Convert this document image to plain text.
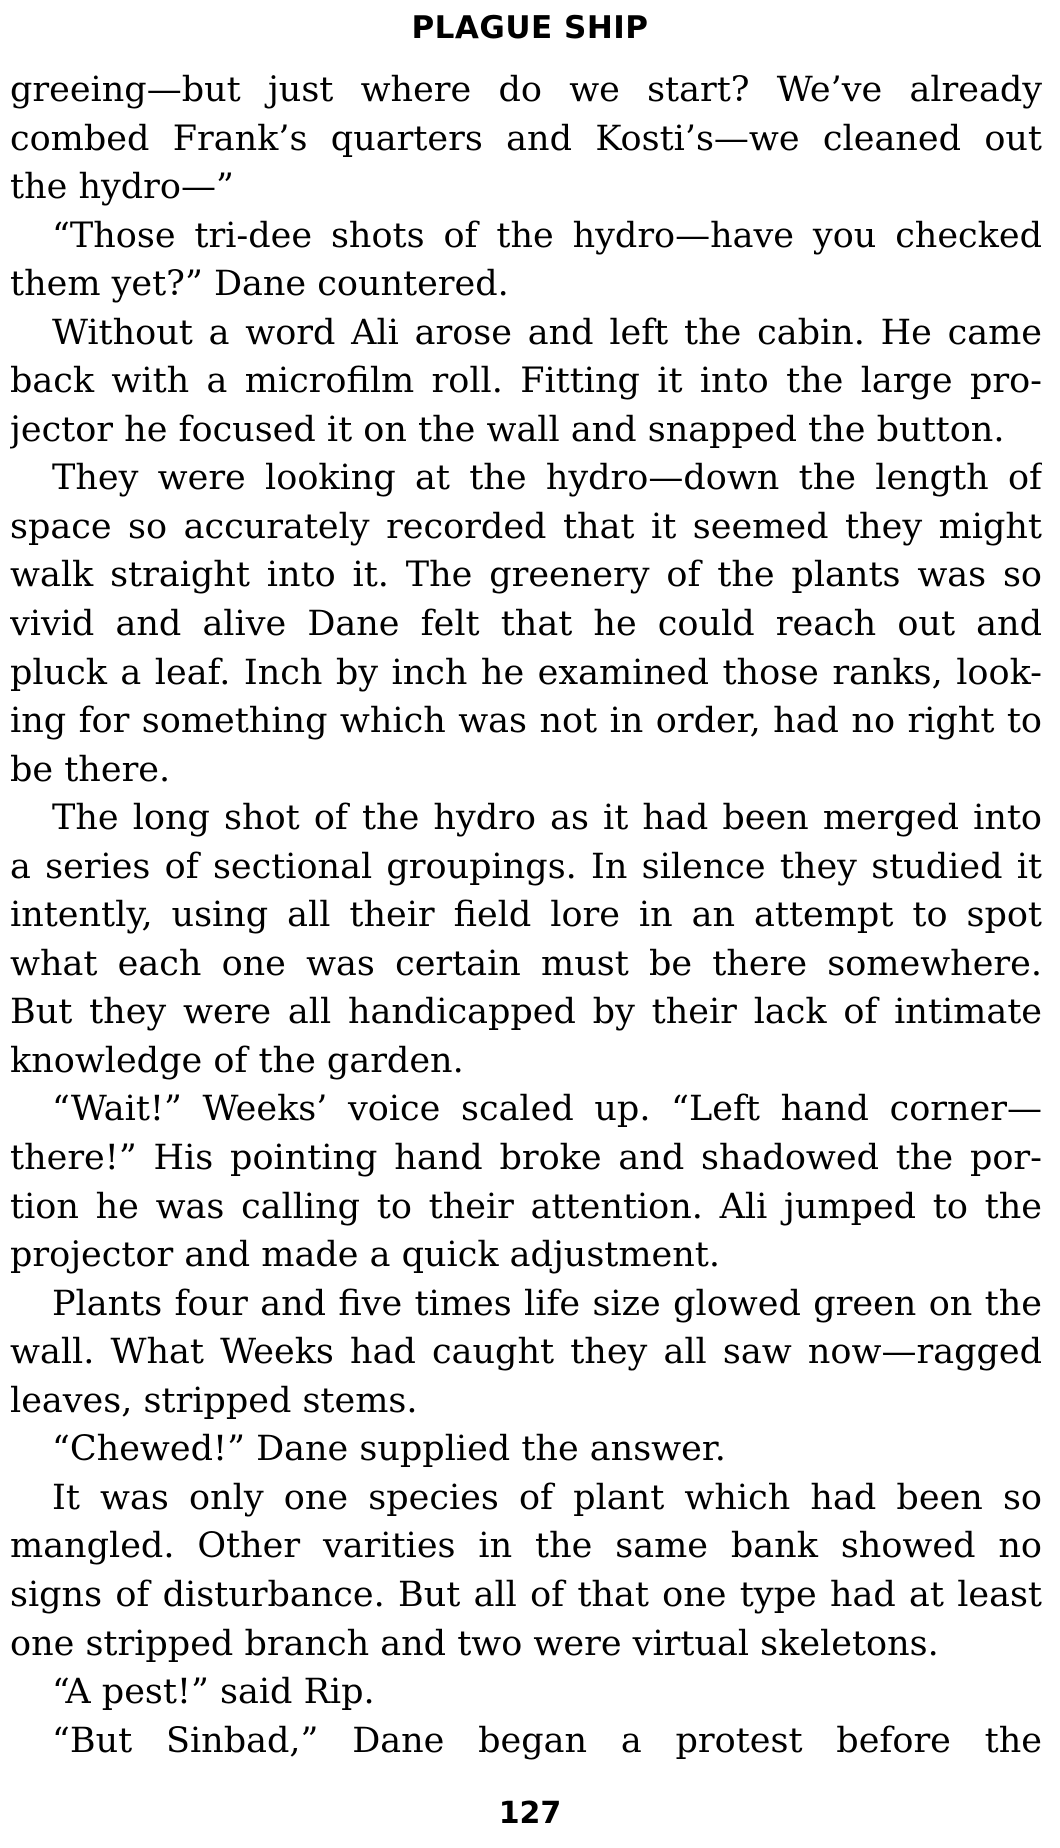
PLAGUE SHIP
greeing—but just where do we start? We’ve already
combed Frank’s quarters and Kosti’s—we cleaned out
the hydro—”
“Those tri-dee shots of the hydro—have you checked
them yet?” Dane countered.
Without a word Ali arose and left the cabin. He came
back with a microfilm roll. Fitting it into the large pro-
jector he focused it on the wall and snapped the button.
They were looking at the hydro—down the length of
space so accurately recorded that it seemed they might
walk straight into it. The greenery of the plants was so
vivid and alive Dane felt that he could reach out and
pluck a leaf. Inch by inch he examined those ranks, look-
ing for something which was not in order, had no right to
be there.
The long shot of the hydro as it had been merged into
a series of sectional groupings. In silence they studied it
intently, using all their field lore in an attempt to spot
what each one was certain must be there somewhere.
But they were all handicapped by their lack of intimate
knowledge of the garden.
“Wait!” Weeks’ voice scaled up. “Left hand corner—
there!” His pointing hand broke and shadowed the por-
tion he was calling to their attention. Ali jumped to the
projector and made a quick adjustment.
Plants four and five times life size glowed green on the
wall. What Weeks had caught they all saw now—ragged
leaves, stripped stems.
“Chewed!” Dane supplied the answer.
It was only one species of plant which had been so
mangled. Other varities in the same bank showed no
signs of disturbance. But all of that one type had at least
one stripped branch and two were virtual skeletons.
“A pest!” said Rip.
“But Sinbad,” Dane began a protest before the
127
